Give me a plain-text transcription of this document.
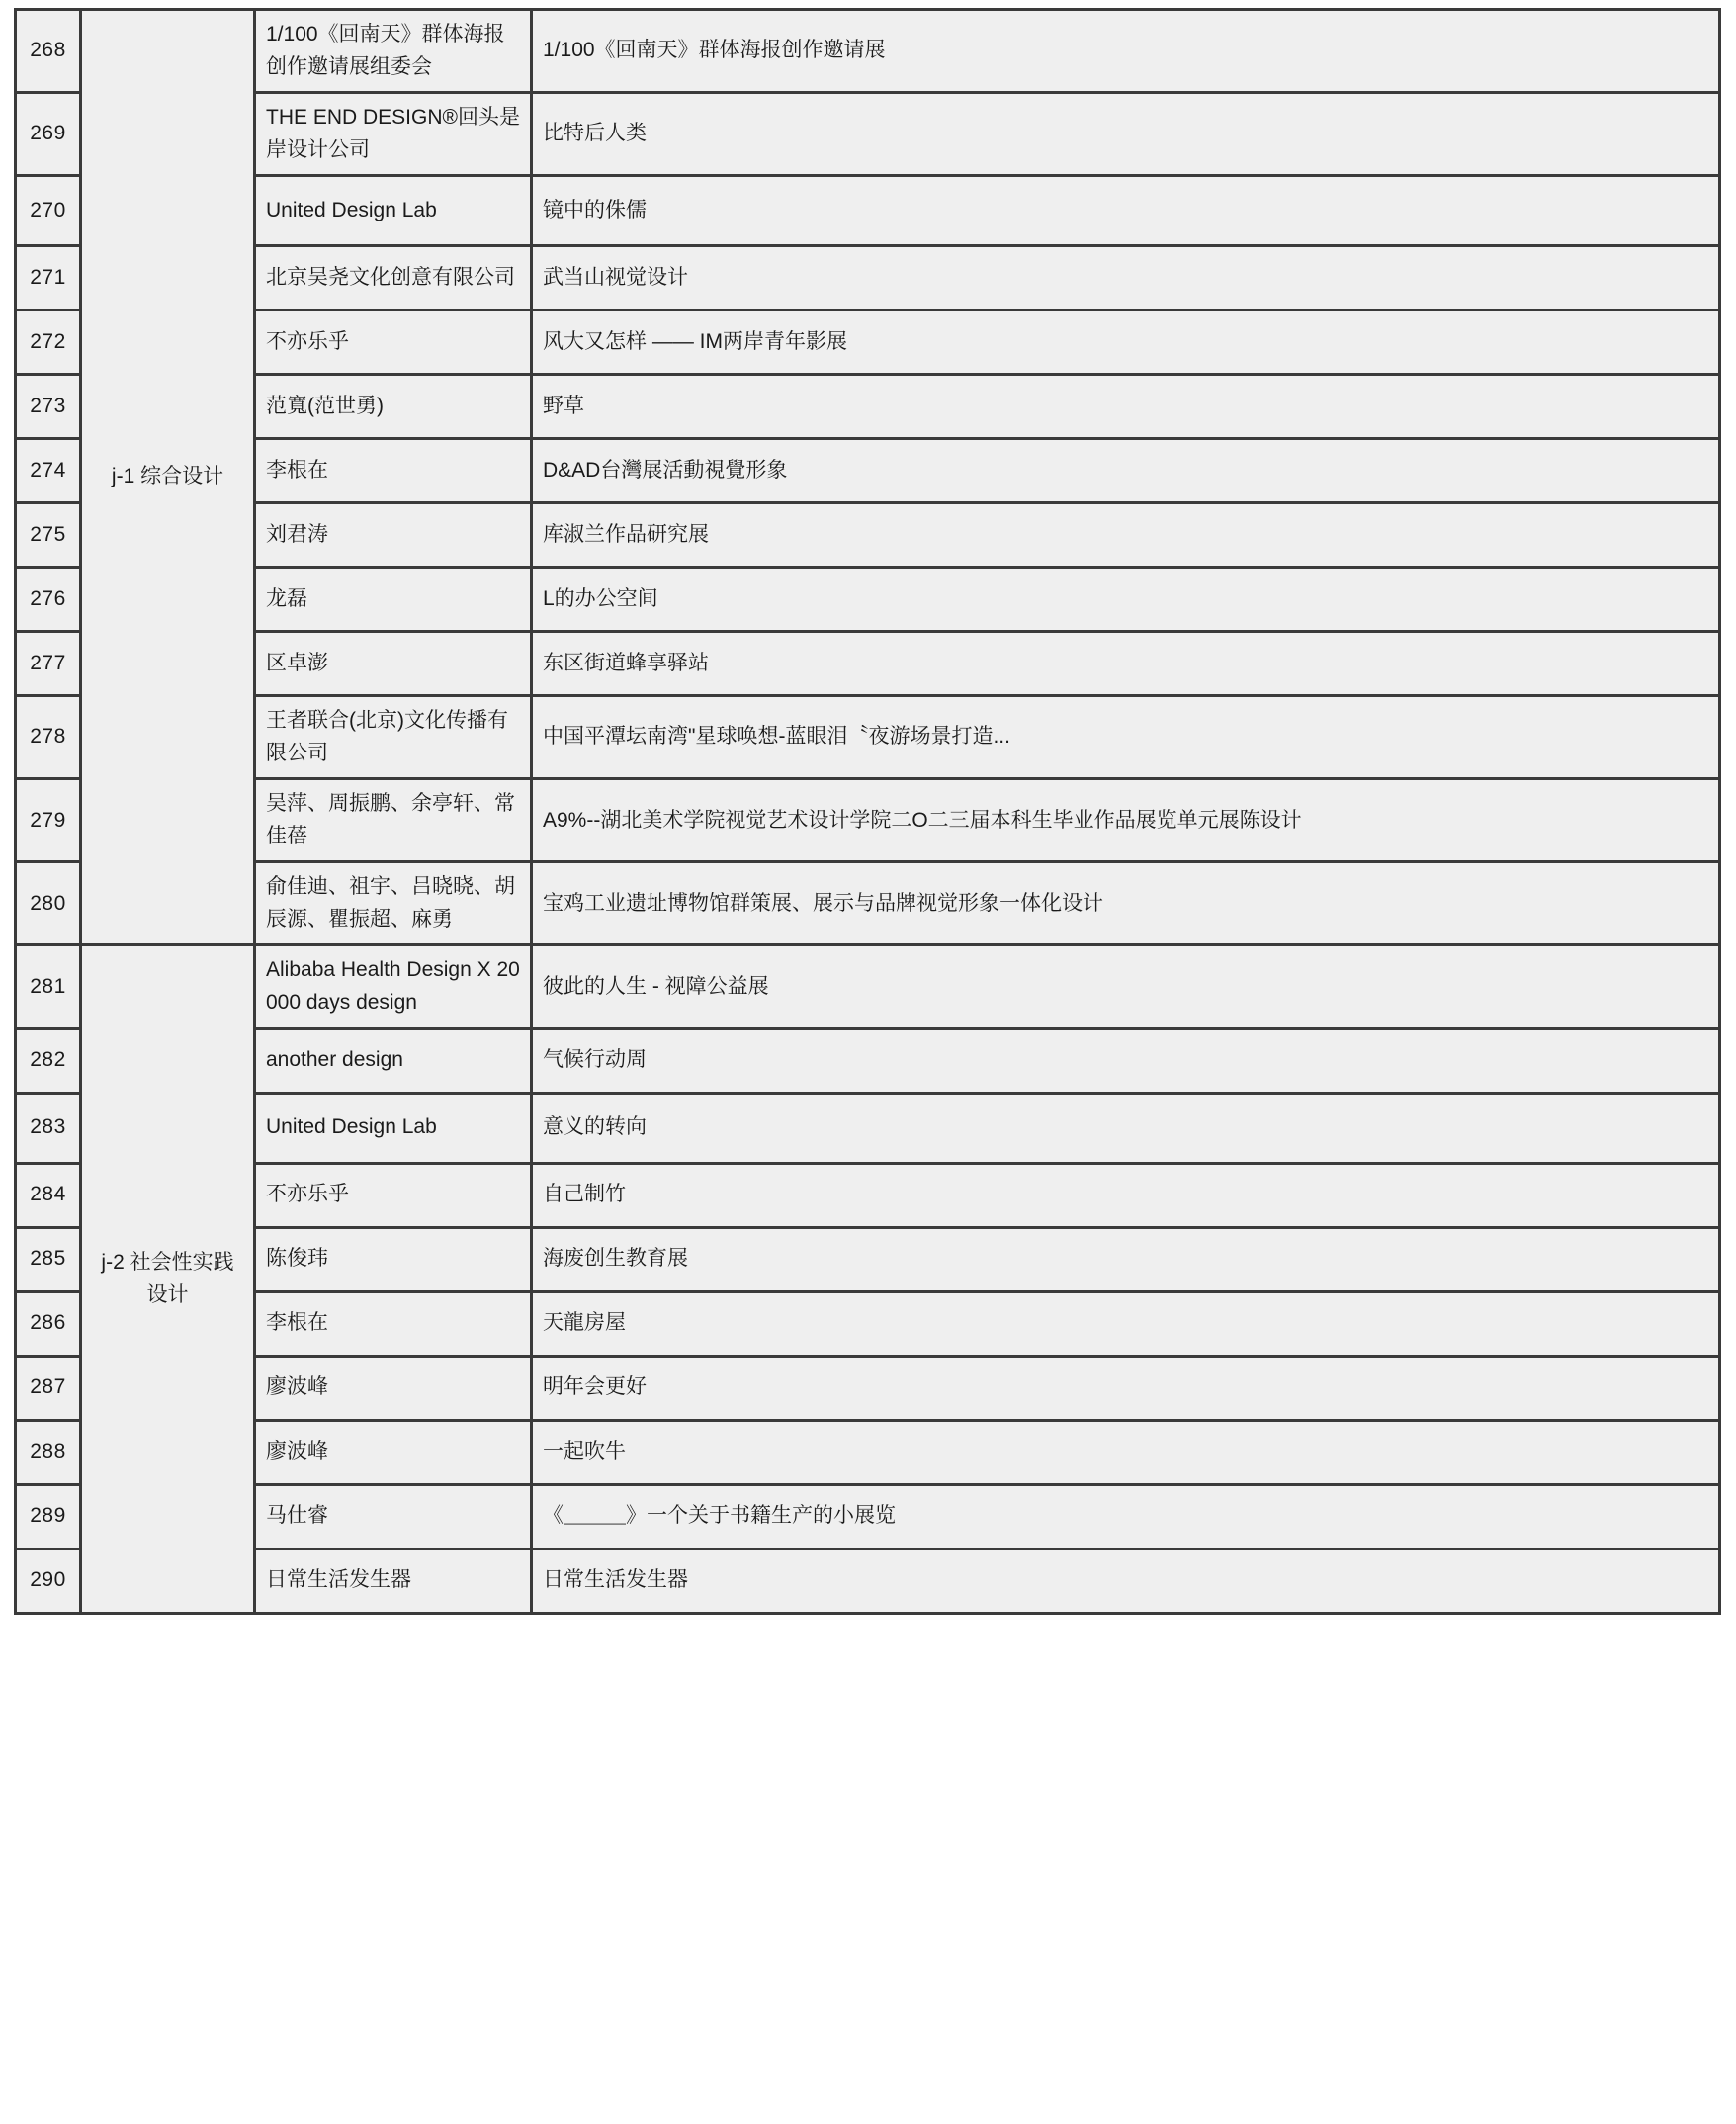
268	j-1 综合设计	1/100《回南天》群体海报创作邀请展组委会	1/100《回南天》群体海报创作邀请展
269		THE END DESIGN®回头是岸设计公司	比特后人类
270		United Design Lab	镜中的侏儒
271		北京吴尧文化创意有限公司	武当山视觉设计
272		不亦乐乎	风大又怎样 —— IM两岸青年影展
273		范寬(范世勇)	野草
274		李根在	D&AD台灣展活動視覺形象
275		刘君涛	库淑兰作品研究展
276		龙磊	L的办公空间
277		区卓澎	东区街道蜂享驿站
278		王者联合(北京)文化传播有限公司	中国平潭坛南湾"星球唤想-蓝眼泪〝夜游场景打造...
279		吴萍、周振鹏、余亭轩、常佳蓓	A9%--湖北美术学院视觉艺术设计学院二O二三届本科生毕业作品展览单元展陈设计
280		俞佳迪、祖宇、吕晓晓、胡辰源、瞿振超、麻勇	宝鸡工业遗址博物馆群策展、展示与品牌视觉形象一体化设计
281	j-2 社会性实践设计	Alibaba Health Design X 20000 days design	彼此的人生 - 视障公益展
282		another design	气候行动周
283		United Design Lab	意义的转向
284		不亦乐乎	自己制竹
285		陈俊玮	海废创生教育展
286		李根在	天龍房屋
287		廖波峰	明年会更好
288		廖波峰	一起吹牛
289		马仕睿	《＿＿＿》一个关于书籍生产的小展览
290		日常生活发生器	日常生活发生器
